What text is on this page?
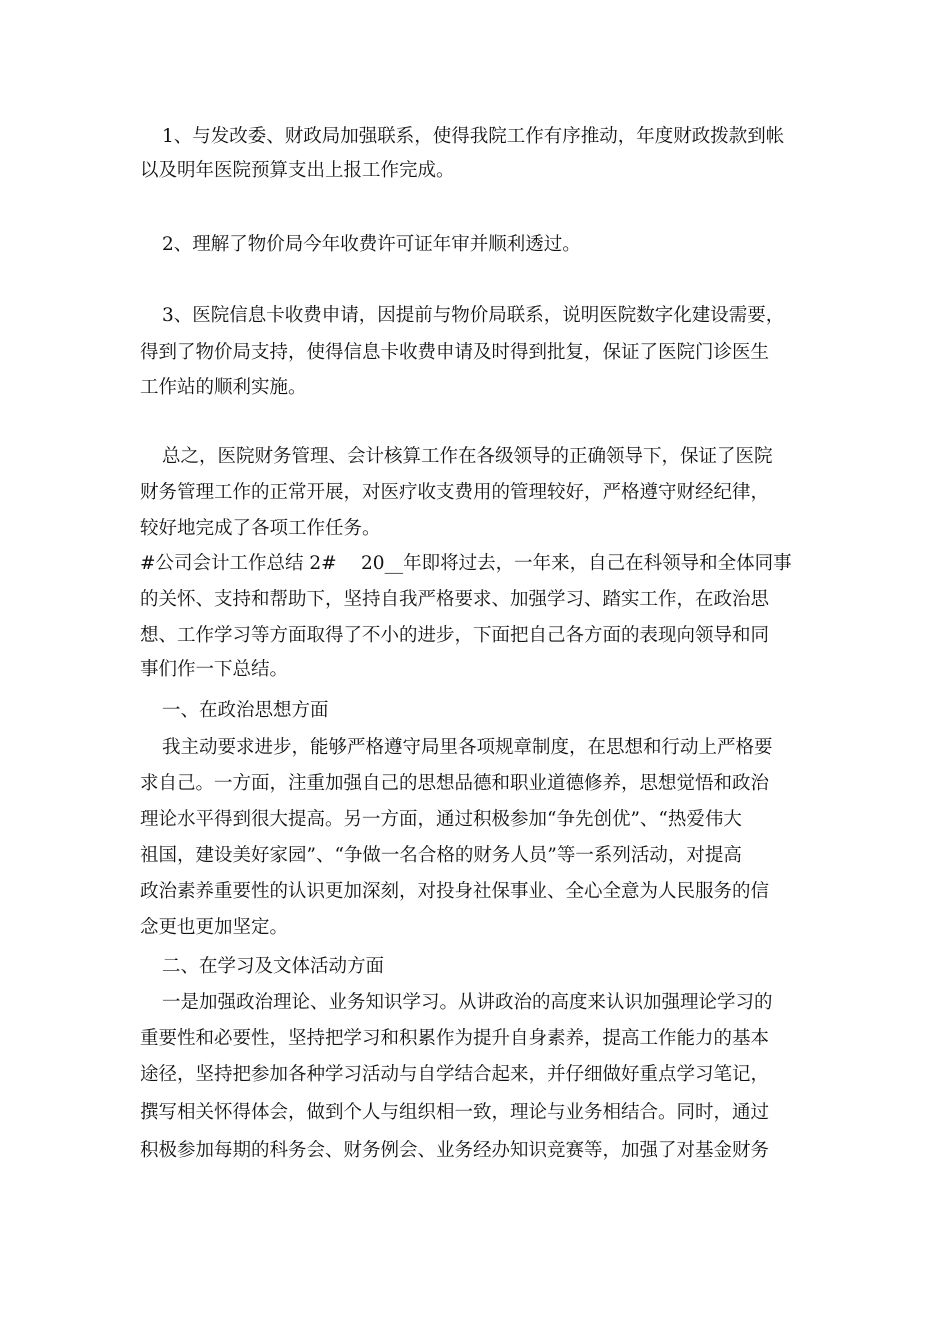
1、与发改委、财政局加强联系，使得我院工作有序推动，年度财政拨款到帐
以及明年医院预算支出上报工作完成。
2、理解了物价局今年收费许可证年审并顺利透过。
3、医院信息卡收费申请，因提前与物价局联系，说明医院数字化建设需要，
得到了物价局支持，使得信息卡收费申请及时得到批复，保证了医院门诊医生
工作站的顺利实施。
总之，医院财务管理、会计核算工作在各级领导的正确领导下，保证了医院
财务管理工作的正常开展，对医疗收支费用的管理较好，严格遵守财经纪律，
较好地完成了各项工作任务。
#公司会计工作总结 2#　 20__年即将过去，一年来，自己在科领导和全体同事
的关怀、支持和帮助下，坚持自我严格要求、加强学习、踏实工作，在政治思
想、工作学习等方面取得了不小的进步，下面把自己各方面的表现向领导和同
事们作一下总结。
一、在政治思想方面
我主动要求进步，能够严格遵守局里各项规章制度，在思想和行动上严格要
求自己。一方面，注重加强自己的思想品德和职业道德修养，思想觉悟和政治
理论水平得到很大提高。另一方面，通过积极参加“争先创优”、“热爱伟大
祖国，建设美好家园”、“争做一名合格的财务人员”等一系列活动，对提高
政治素养重要性的认识更加深刻，对投身社保事业、全心全意为人民服务的信
念更也更加坚定。
二、在学习及文体活动方面
一是加强政治理论、业务知识学习。从讲政治的高度来认识加强理论学习的
重要性和必要性，坚持把学习和积累作为提升自身素养，提高工作能力的基本
途径，坚持把参加各种学习活动与自学结合起来，并仔细做好重点学习笔记，
撰写相关怀得体会，做到个人与组织相一致，理论与业务相结合。同时，通过
积极参加每期的科务会、财务例会、业务经办知识竞赛等，加强了对基金财务
